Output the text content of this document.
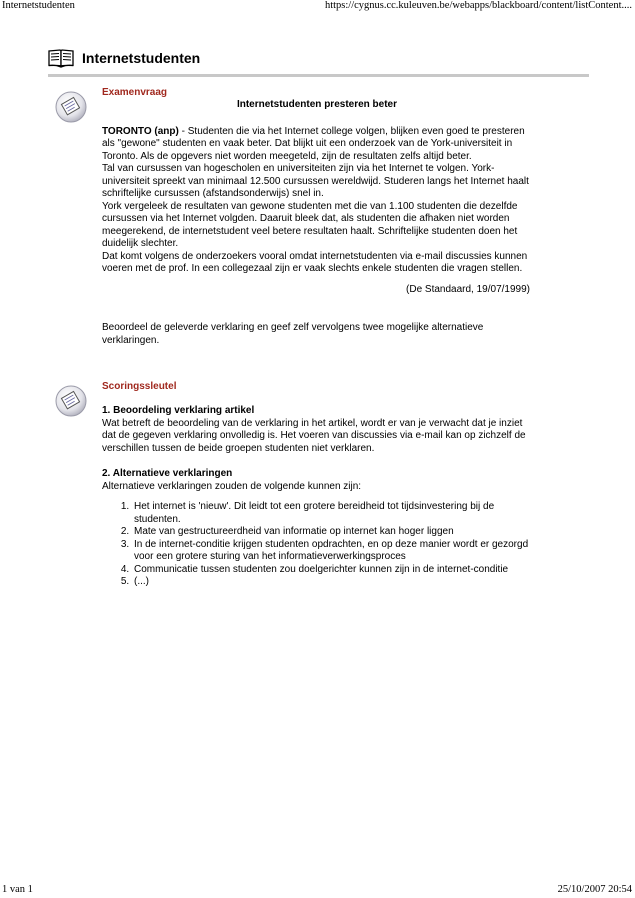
Internetstudenten	https://cygnus.cc.kuleuven.be/webapps/blackboard/content/listContent....
Internetstudenten
Examenvraag
Internetstudenten presteren beter

TORONTO (anp) - Studenten die via het Internet college volgen, blijken even goed te presteren als "gewone" studenten en vaak beter. Dat blijkt uit een onderzoek van de York-universiteit in Toronto. Als de opgevers niet worden meegeteld, zijn de resultaten zelfs altijd beter.

Tal van cursussen van hogescholen en universiteiten zijn via het Internet te volgen. York-universiteit spreekt van minimaal 12.500 cursussen wereldwijd. Studeren langs het Internet haalt schriftelijke cursussen (afstandsonderwijs) snel in.

York vergeleek de resultaten van gewone studenten met die van 1.100 studenten die dezelfde cursussen via het Internet volgden. Daaruit bleek dat, als studenten die afhaken niet worden meegerekend, de internetstudent veel betere resultaten haalt. Schriftelijke studenten doen het duidelijk slechter.

Dat komt volgens de onderzoekers vooral omdat internetstudenten via e-mail discussies kunnen voeren met de prof. In een collegezaal zijn er vaak slechts enkele studenten die vragen stellen.

(De Standaard, 19/07/1999)

Beoordeel de geleverde verklaring en geef zelf vervolgens twee mogelijke alternatieve verklaringen.

Scoringssleutel
1. Beoordeling verklaring artikel

Wat betreft de beoordeling van de verklaring in het artikel, wordt er van je verwacht dat je inziet dat de gegeven verklaring onvolledig is. Het voeren van discussies via e-mail kan op zichzelf de verschillen tussen de beide groepen studenten niet verklaren.

2. Alternatieve verklaringen

Alternatieve verklaringen zouden de volgende kunnen zijn:

1. Het internet is 'nieuw'. Dit leidt tot een grotere bereidheid tot tijdsinvestering bij de studenten.
2. Mate van gestructureerdheid van informatie op internet kan hoger liggen
3. In de internet-conditie krijgen studenten opdrachten, en op deze manier wordt er gezorgd voor een grotere sturing van het informatieverwerkingsproces
4. Communicatie tussen studenten zou doelgerichter kunnen zijn in de internet-conditie
5. (...)
1 van 1	25/10/2007 20:54
